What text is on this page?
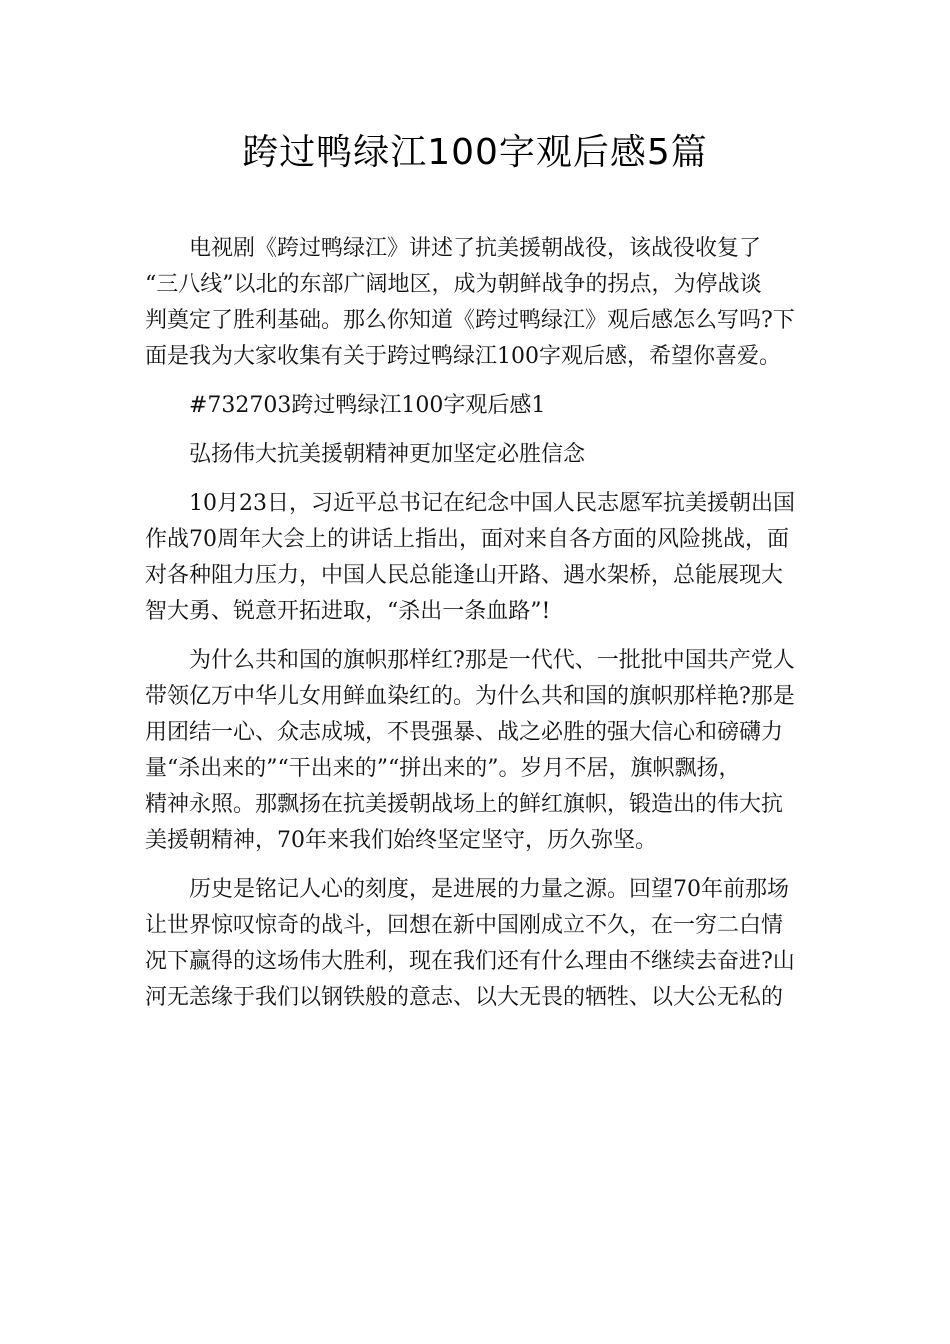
跨过鸭绿江100字观后感5篇
电视剧《跨过鸭绿江》讲述了抗美援朝战役，该战役收复了
“三八线”以北的东部广阔地区，成为朝鲜战争的拐点，为停战谈
判奠定了胜利基础。那么你知道《跨过鸭绿江》观后感怎么写吗?下
面是我为大家收集有关于跨过鸭绿江100字观后感，希望你喜爱。
#732703跨过鸭绿江100字观后感1
弘扬伟大抗美援朝精神更加坚定必胜信念
10月23日，习近平总书记在纪念中国人民志愿军抗美援朝出国
作战70周年大会上的讲话上指出，面对来自各方面的风险挑战，面
对各种阻力压力，中国人民总能逢山开路、遇水架桥，总能展现大
智大勇、锐意开拓进取，“杀出一条血路”!
为什么共和国的旗帜那样红?那是一代代、一批批中国共产党人
带领亿万中华儿女用鲜血染红的。为什么共和国的旗帜那样艳?那是
用团结一心、众志成城，不畏强暴、战之必胜的强大信心和磅礴力
量“杀出来的”“干出来的”“拼出来的”。岁月不居，旗帜飘扬，
精神永照。那飘扬在抗美援朝战场上的鲜红旗帜，锻造出的伟大抗
美援朝精神，70年来我们始终坚定坚守，历久弥坚。
历史是铭记人心的刻度，是进展的力量之源。回望70年前那场
让世界惊叹惊奇的战斗，回想在新中国刚成立不久，在一穷二白情
况下赢得的这场伟大胜利，现在我们还有什么理由不继续去奋进?山
河无恙缘于我们以钢铁般的意志、以大无畏的牺牲、以大公无私的
